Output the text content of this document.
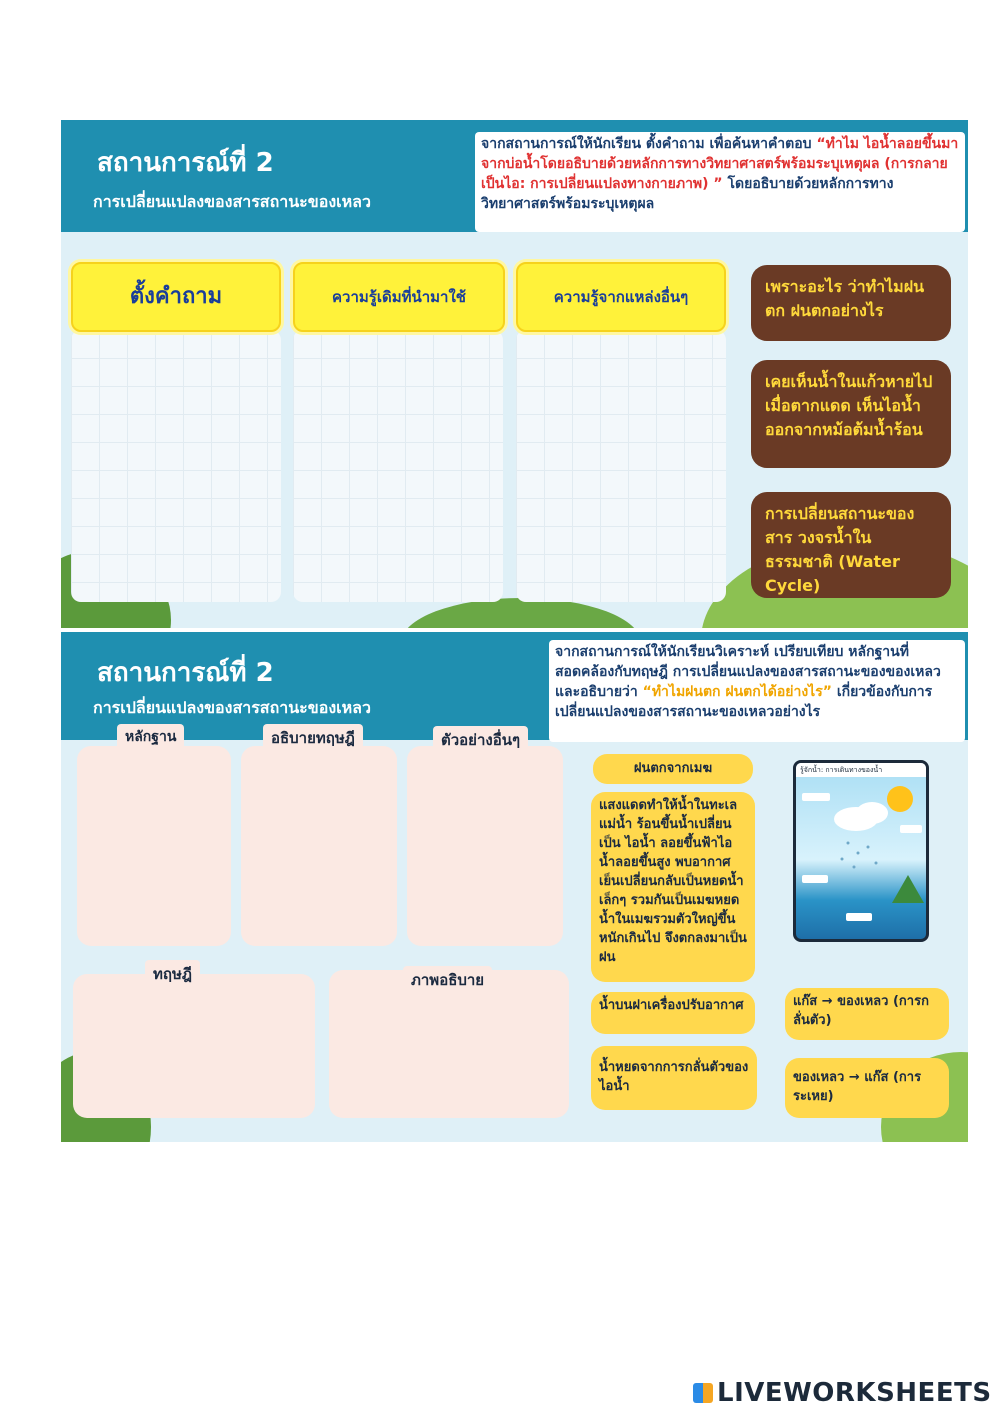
สถานการณ์ที่ 2
การเปลี่ยนแปลงของสารสถานะของเหลว
จากสถานการณ์ให้นักเรียน ตั้งคำถาม เพื่อค้นหาคำตอบ “ทำไม ไอน้ำลอยขึ้นมาจากบ่อน้ำโดยอธิบายด้วยหลักการทางวิทยาศาสตร์พร้อมระบุเหตุผล (การกลายเป็นไอ: การเปลี่ยนแปลงทางกายภาพ) ” โดยอธิบายด้วยหลักการทางวิทยาศาสตร์พร้อมระบุเหตุผล
ตั้งคำถาม	ความรู้เดิมที่นำมาใช้	ความรู้จากแหล่งอื่นๆ
เพราะอะไร ว่าทำไมฝนตก ฝนตกอย่างไร
เคยเห็นน้ำในแก้วหายไปเมื่อตากแดด เห็นไอน้ำออกจากหม้อต้มน้ำร้อน
การเปลี่ยนสถานะของสาร วงจรน้ำในธรรมชาติ (Water Cycle)
สถานการณ์ที่ 2
การเปลี่ยนแปลงของสารสถานะของเหลว
จากสถานการณ์ให้นักเรียนวิเคราะห์ เปรียบเทียบ หลักฐานที่สอดคล้องกับทฤษฎี การเปลี่ยนแปลงของสารสถานะของของเหลว และอธิบายว่า “ทำไมฝนตก ฝนตกได้อย่างไร” เกี่ยวข้องกับการเปลี่ยนแปลงของสารสถานะของเหลวอย่างไร
หลักฐาน	อธิบายทฤษฎี	ตัวอย่างอื่นๆ
ทฤษฎี	ภาพอธิบาย
ฝนตกจากเมฆ
แสงแดดทำให้น้ำในทะเล แม่น้ำ ร้อนขึ้นน้ำเปลี่ยนเป็น ไอน้ำ ลอยขึ้นฟ้าไอน้ำลอยขึ้นสูง พบอากาศเย็นเปลี่ยนกลับเป็นหยดน้ำเล็กๆ รวมกันเป็นเมฆหยดน้ำในเมฆรวมตัวใหญ่ขึ้นหนักเกินไป จึงตกลงมาเป็นฝน
น้ำบนฝาเครื่องปรับอากาศ
น้ำหยดจากการกลั่นตัวของไอน้ำ
แก๊ส → ของเหลว (การกลั่นตัว)
ของเหลว → แก๊ส (การระเหย)
รู้จักน้ำ: การเดินทางของน้ำ
LIVEWORKSHEETS
